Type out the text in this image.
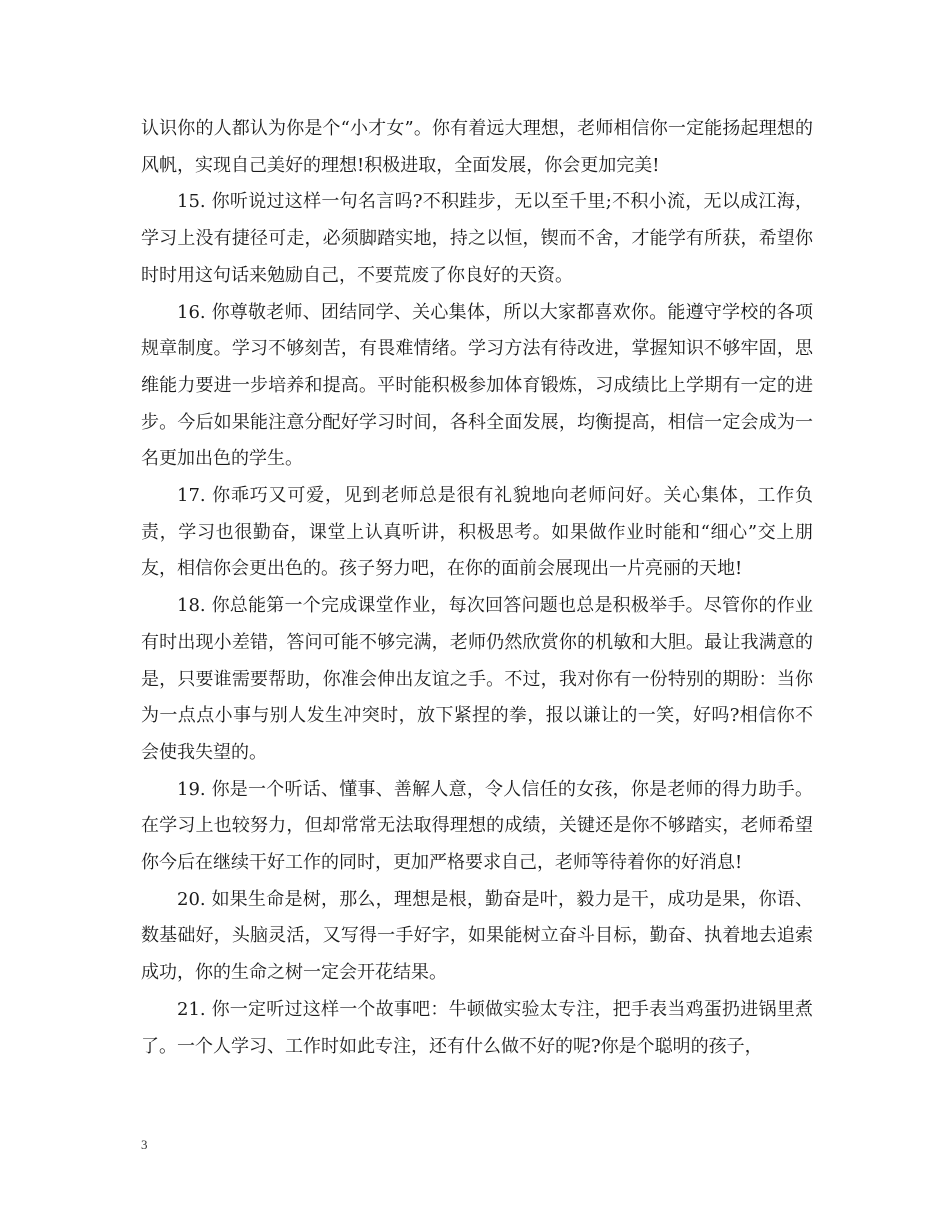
认识你的人都认为你是个“小才女”。你有着远大理想，老师相信你一定能扬起理想的风帆，实现自己美好的理想!积极进取，全面发展，你会更加完美!

15. 你听说过这样一句名言吗?不积跬步，无以至千里;不积小流，无以成江海，学习上没有捷径可走，必须脚踏实地，持之以恒，锲而不舍，才能学有所获，希望你时时用这句话来勉励自己，不要荒废了你良好的天资。

16. 你尊敬老师、团结同学、关心集体，所以大家都喜欢你。能遵守学校的各项规章制度。学习不够刻苦，有畏难情绪。学习方法有待改进，掌握知识不够牢固，思维能力要进一步培养和提高。平时能积极参加体育锻炼，习成绩比上学期有一定的进步。今后如果能注意分配好学习时间，各科全面发展，均衡提高，相信一定会成为一名更加出色的学生。

17. 你乖巧又可爱，见到老师总是很有礼貌地向老师问好。关心集体，工作负责，学习也很勤奋，课堂上认真听讲，积极思考。如果做作业时能和“细心”交上朋友，相信你会更出色的。孩子努力吧，在你的面前会展现出一片亮丽的天地!

18. 你总能第一个完成课堂作业，每次回答问题也总是积极举手。尽管你的作业有时出现小差错，答问可能不够完满，老师仍然欣赏你的机敏和大胆。最让我满意的是，只要谁需要帮助，你准会伸出友谊之手。不过，我对你有一份特别的期盼：当你为一点点小事与别人发生冲突时，放下紧捏的拳，报以谦让的一笑，好吗?相信你不会使我失望的。

19. 你是一个听话、懂事、善解人意，令人信任的女孩，你是老师的得力助手。在学习上也较努力，但却常常无法取得理想的成绩，关键还是你不够踏实，老师希望你今后在继续干好工作的同时，更加严格要求自己，老师等待着你的好消息!

20. 如果生命是树，那么，理想是根，勤奋是叶，毅力是干，成功是果，你语、数基础好，头脑灵活，又写得一手好字，如果能树立奋斗目标，勤奋、执着地去追索成功，你的生命之树一定会开花结果。

21. 你一定听过这样一个故事吧：牛顿做实验太专注，把手表当鸡蛋扔进锅里煮了。一个人学习、工作时如此专注，还有什么做不好的呢?你是个聪明的孩子，

3
